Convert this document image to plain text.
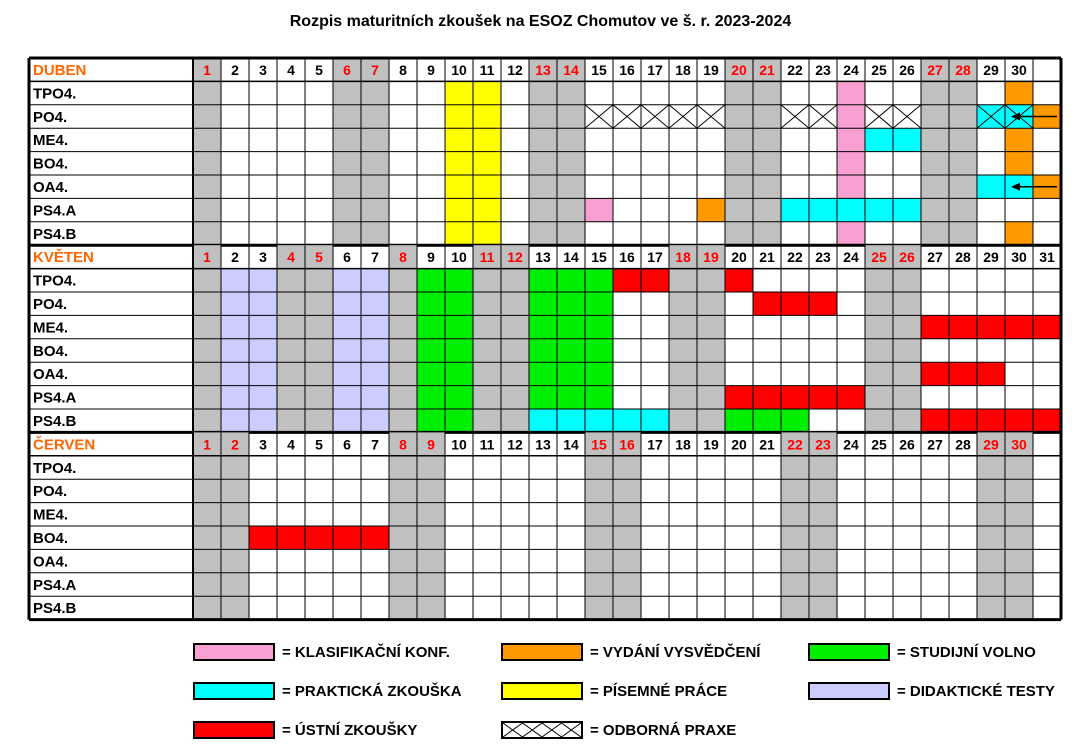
Rozpis maturitních zkoušek na ESOZ Chomutov ve š. r. 2023-2024
DUBEN	1 2 3 4 5 6 7 8 9 10 11 12 13 14 15 16 17 18 19 20 21 22 23 24 25 26 27 28 29 30
TPO4.
PO4.
ME4.
BO4.
OA4.
PS4.A
PS4.B
KVĚTEN	1 2 3 4 5 6 7 8 9 10 11 12 13 14 15 16 17 18 19 20 21 22 23 24 25 26 27 28 29 30 31
TPO4.
PO4.
ME4.
BO4.
OA4.
PS4.A
PS4.B
ČERVEN	1 2 3 4 5 6 7 8 9 10 11 12 13 14 15 16 17 18 19 20 21 22 23 24 25 26 27 28 29 30
TPO4.
PO4.
ME4.
BO4.
OA4.
PS4.A
PS4.B
= KLASIFIKAČNÍ KONF.	= VYDÁNÍ VYSVĚDČENÍ	= STUDIJNÍ VOLNO
= PRAKTICKÁ ZKOUŠKA	= PÍSEMNÉ PRÁCE	= DIDAKTICKÉ TESTY
= ÚSTNÍ ZKOUŠKY	= ODBORNÁ PRAXE
